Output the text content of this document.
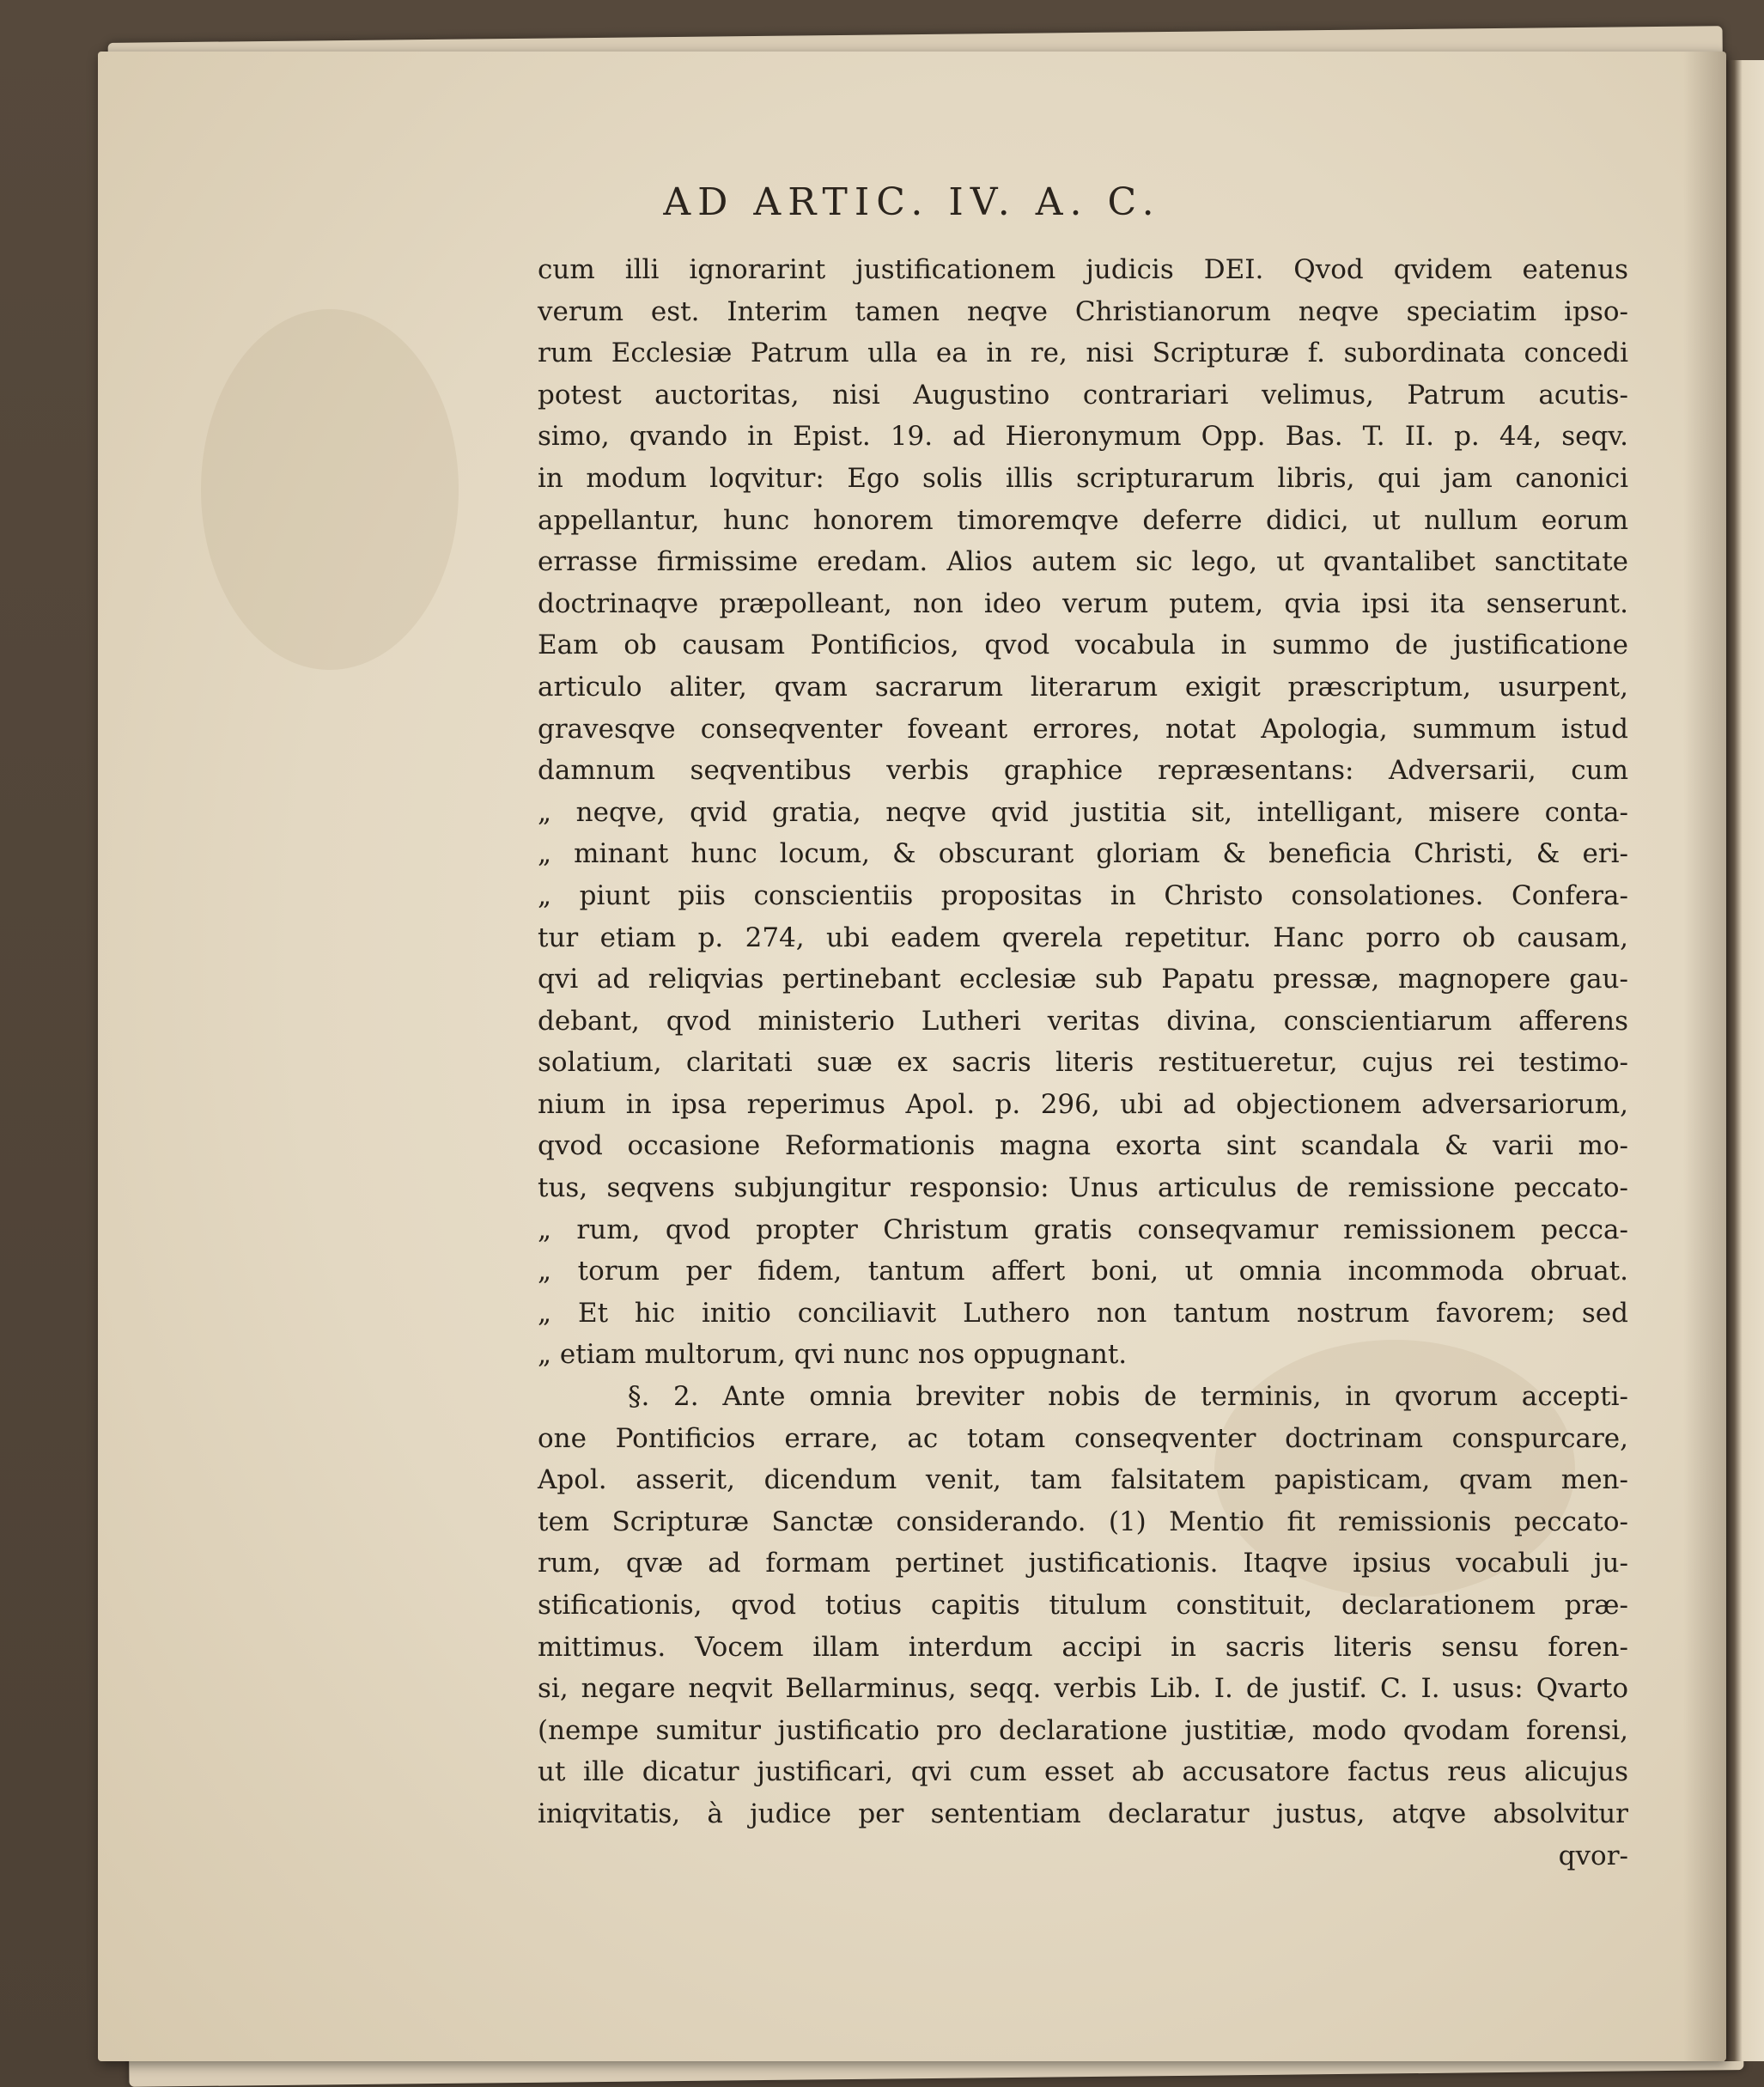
AD ARTIC. IV. A. C.
cum illi ignorarint justificationem judicis DEI. Qvod qvidem eatenus
verum est. Interim tamen neqve Christianorum neqve speciatim ipso-
rum Ecclesiæ Patrum ulla ea in re, nisi Scripturæ f. subordinata concedi
potest auctoritas, nisi Augustino contrariari velimus, Patrum acutis-
simo, qvando in Epist. 19. ad Hieronymum Opp. Bas. T. II. p. 44, seqv.
in modum loqvitur: Ego solis illis scripturarum libris, qui jam canonici
appellantur, hunc honorem timoremqve deferre didici, ut nullum eorum
errasse firmissime eredam. Alios autem sic lego, ut qvantalibet sanctitate
doctrinaqve præpolleant, non ideo verum putem, qvia ipsi ita senserunt.
Eam ob causam Pontificios, qvod vocabula in summo de justificatione
articulo aliter, qvam sacrarum literarum exigit præscriptum, usurpent,
gravesqve conseqventer foveant errores, notat Apologia, summum istud
damnum seqventibus verbis graphice repræsentans: Adversarii, cum
„ neqve, qvid gratia, neqve qvid justitia sit, intelligant, misere conta-
„ minant hunc locum, & obscurant gloriam & beneficia Christi, & eri-
„ piunt piis conscientiis propositas in Christo consolationes. Confera-
tur etiam p. 274, ubi eadem qverela repetitur. Hanc porro ob causam,
qvi ad reliqvias pertinebant ecclesiæ sub Papatu pressæ, magnopere gau-
debant, qvod ministerio Lutheri veritas divina, conscientiarum afferens
solatium, claritati suæ ex sacris literis restitueretur, cujus rei testimo-
nium in ipsa reperimus Apol. p. 296, ubi ad objectionem adversariorum,
qvod occasione Reformationis magna exorta sint scandala & varii mo-
tus, seqvens subjungitur responsio: Unus articulus de remissione peccato-
„ rum, qvod propter Christum gratis conseqvamur remissionem pecca-
„ torum per fidem, tantum affert boni, ut omnia incommoda obruat.
„ Et hic initio conciliavit Luthero non tantum nostrum favorem; sed
„ etiam multorum, qvi nunc nos oppugnant.
§. 2. Ante omnia breviter nobis de terminis, in qvorum accepti-
one Pontificios errare, ac totam conseqventer doctrinam conspurcare,
Apol. asserit, dicendum venit, tam falsitatem papisticam, qvam men-
tem Scripturæ Sanctæ considerando. (1) Mentio fit remissionis peccato-
rum, qvæ ad formam pertinet justificationis. Itaqve ipsius vocabuli ju-
stificationis, qvod totius capitis titulum constituit, declarationem præ-
mittimus. Vocem illam interdum accipi in sacris literis sensu foren-
si, negare neqvit Bellarminus, seqq. verbis Lib. I. de justif. C. I. usus: Qvarto
(nempe sumitur justificatio pro declaratione justitiæ, modo qvodam forensi,
ut ille dicatur justificari, qvi cum esset ab accusatore factus reus alicujus
iniqvitatis, à judice per sententiam declaratur justus, atqve absolvitur
qvor-
